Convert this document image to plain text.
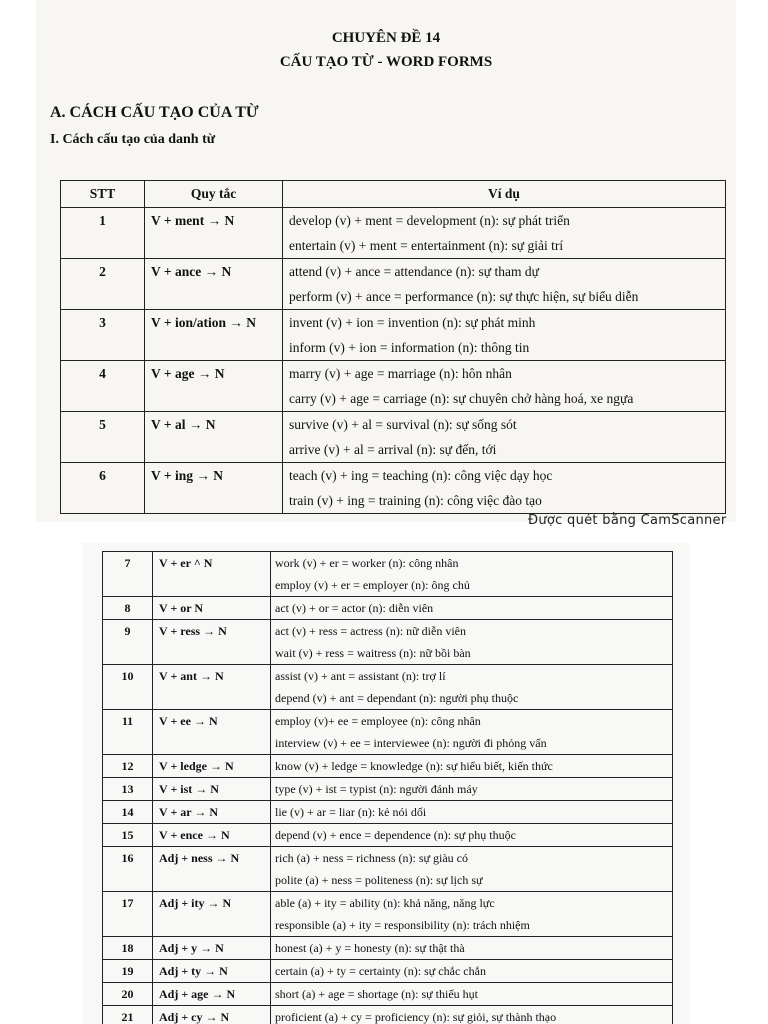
CHUYÊN ĐỀ 14
CẤU TẠO TỪ - WORD FORMS
A. CÁCH CẤU TẠO CỦA TỪ
I. Cách cấu tạo của danh từ
STT	Quy tắc	Ví dụ

1	V + ment → N	develop (v) + ment = development (n): sự phát triển
entertain (v) + ment = entertainment (n): sự giải trí

2	V + ance → N	attend (v) + ance = attendance (n): sự tham dự
perform (v) + ance = performance (n): sự thực hiện, sự biểu diễn

3	V + ion/ation → N	invent (v) + ion = invention (n): sự phát minh
inform (v) + ion = information (n): thông tin

4	V + age → N	marry (v) + age = marriage (n): hôn nhân
carry (v) + age = carriage (n): sự chuyên chở hàng hoá, xe ngựa

5	V + al → N	survive (v) + al = survival (n): sự sống sót
arrive (v) + al = arrival (n): sự đến, tới

6	V + ing → N	teach (v) + ing = teaching (n): công việc dạy học
train (v) + ing = training (n): công việc đào tạo
Được quét bằng CamScanner
7	V + er ^ N	work (v) + er = worker (n): công nhân
employ (v) + er = employer (n): ông chủ

8	V + or N	act (v) + or = actor (n): diễn viên

9	V + ress → N	act (v) + ress = actress (n): nữ diễn viên
wait (v) + ress = waitress (n): nữ bồi bàn

10	V + ant → N	assist (v) + ant = assistant (n): trợ lí
depend (v) + ant = dependant (n): người phụ thuộc

11	V + ee → N	employ (v)+ ee = employee (n): công nhân
interview (v) + ee = interviewee (n): người đi phỏng vấn

12	V + ledge → N	know (v) + ledge = knowledge (n): sự hiểu biết, kiến thức

13	V + ist → N	type (v) + ist = typist (n): người đánh máy

14	V + ar → N	lie (v) + ar = liar (n): kẻ nói dối

15	V + ence → N	depend (v) + ence = dependence (n): sự phụ thuộc

16	Adj + ness → N	rich (a) + ness = richness (n): sự giàu có
polite (a) + ness = politeness (n): sự lịch sự

17	Adj + ity → N	able (a) + ity = ability (n): khả năng, năng lực
responsible (a) + ity = responsibility (n): trách nhiệm

18	Adj + y → N	honest (a) + y = honesty (n): sự thật thà

19	Adj + ty → N	certain (a) + ty = certainty (n): sự chắc chắn

20	Adj + age → N	short (a) + age = shortage (n): sự thiếu hụt

21	Adj + cy → N	proficient (a) + cy = proficiency (n): sự giỏi, sự thành thạo
